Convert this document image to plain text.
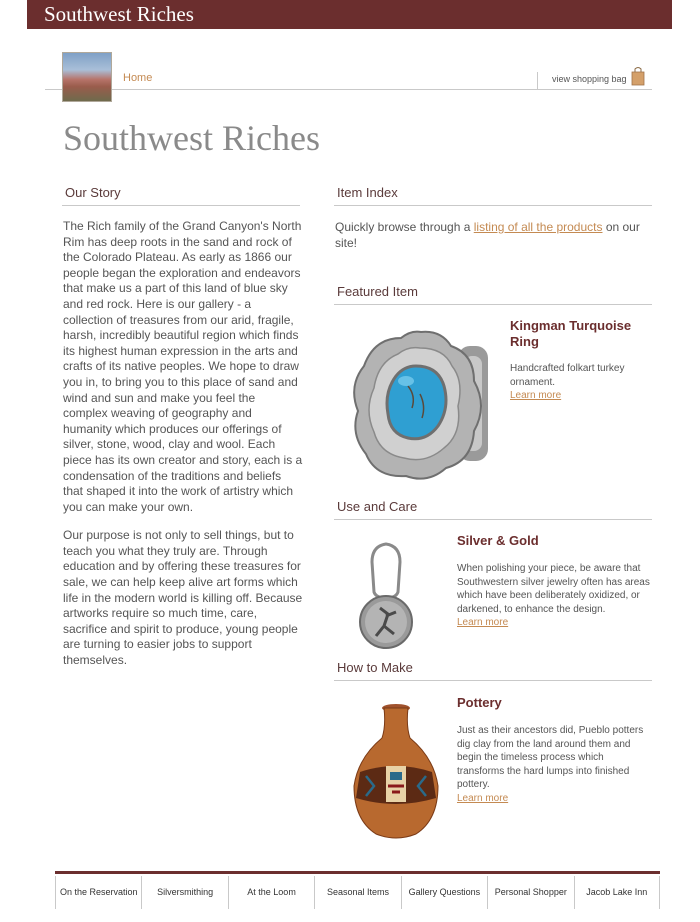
Southwest Riches
Home	view shopping bag
Southwest Riches
Our Story

The Rich family of the Grand Canyon's North Rim has deep roots in the sand and rock of the Colorado Plateau. As early as 1866 our people began the exploration and endeavors that make us a part of this land of blue sky and red rock. Here is our gallery - a collection of treasures from our arid, fragile, harsh, incredibly beautiful region which finds its highest human expression in the arts and crafts of its native peoples. We hope to draw you in, to bring you to this place of sand and wind and sun and make you feel the complex weaving of geography and humanity which produces our offerings of silver, stone, wood, clay and wool. Each piece has its own creator and story, each is a condensation of the traditions and beliefs that shaped it into the work of artistry which you can make your own.

Our purpose is not only to sell things, but to teach you what they truly are. Through education and by offering these treasures for sale, we can help keep alive art forms which life in the modern world is killing off. Because artworks require so much time, care, sacrifice and spirit to produce, young people are turning to easier jobs to support themselves.

Item Index
Quickly browse through a listing of all the products on our site!
Featured Item
Kingman Turquoise Ring
Handcrafted folkart turkey ornament.
Learn more
Use and Care
Silver & Gold
When polishing your piece, be aware that Southwestern silver jewelry often has areas which have been deliberately oxidized, or darkened, to enhance the design.
Learn more
How to Make
Pottery
Just as their ancestors did, Pueblo potters dig clay from the land around them and begin the timeless process which transforms the hard lumps into finished pottery.
Learn more
On the Reservation	Silversmithing	At the Loom	Seasonal Items	Gallery Questions	Personal Shopper	Jacob Lake Inn
